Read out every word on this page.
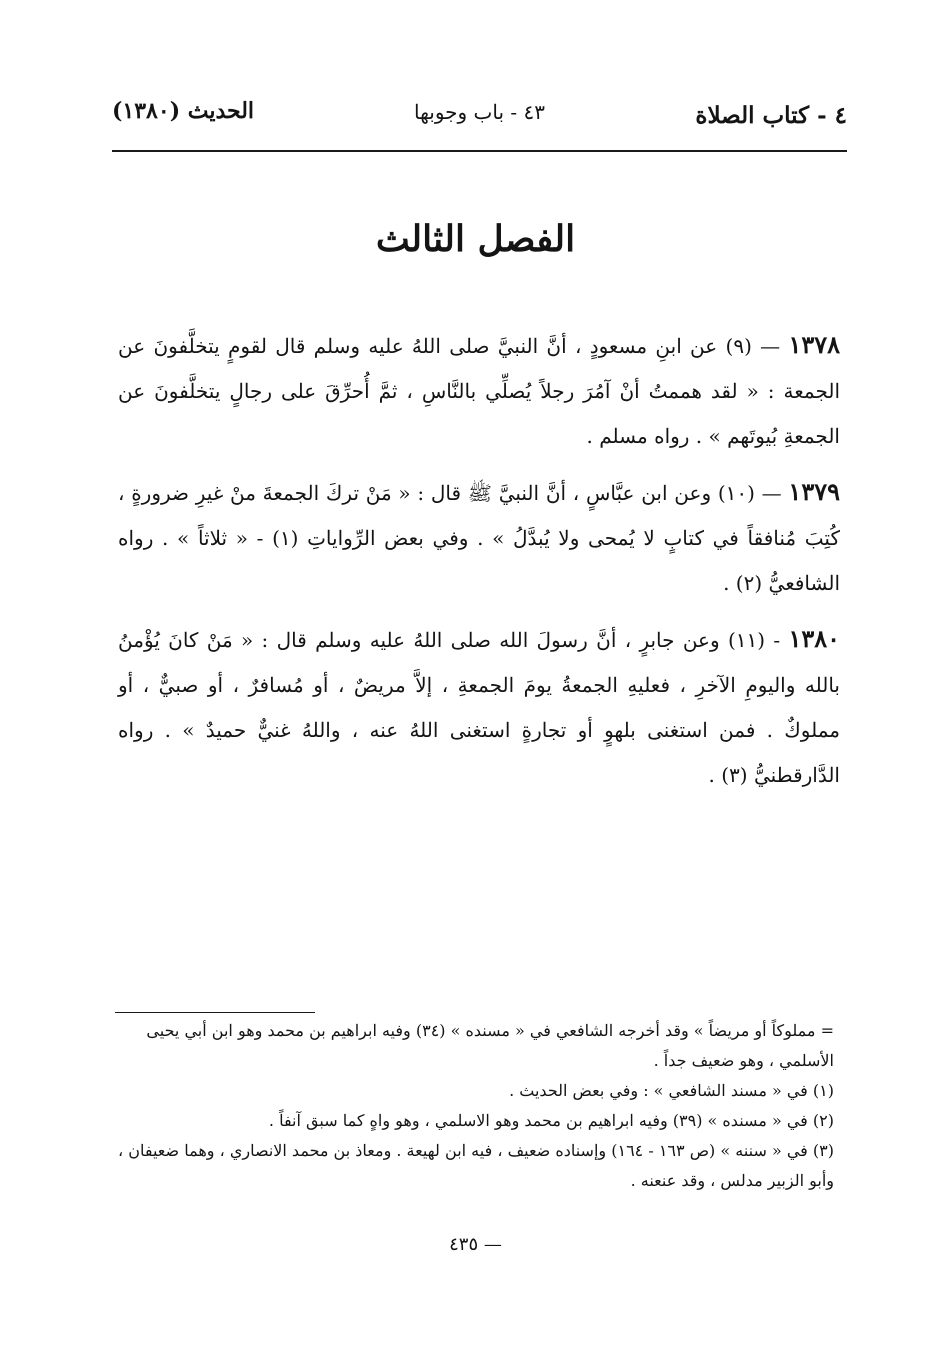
٤ - كتاب الصلاة
٤٣ - باب وجوبها
الحديث (١٣٨٠)
الفصل الثالث

١٣٧٨ — (٩) عن ابنِ مسعودٍ ، أنَّ النبيَّ صلى اللهُ عليه وسلم قال لقومٍ يتخلَّفونَ عن الجمعة : « لقد هممتُ أنْ آمُرَ رجلاً يُصلِّي بالنَّاسِ ، ثمَّ أُحرِّقَ على رجالٍ يتخلَّفونَ عن الجمعةِ بُيوتَهم » . رواه مسلم .

١٣٧٩ — (١٠) وعن ابن عبَّاسٍ ، أنَّ النبيَّ ﷺ قال : « مَنْ تركَ الجمعةَ منْ غيرِ ضرورةٍ ، كُتِبَ مُنافقاً في كتابٍ لا يُمحى ولا يُبدَّلُ » . وفي بعض الرِّواياتِ (١) - « ثلاثاً » . رواه الشافعيُّ (٢) .

١٣٨٠ - (١١) وعن جابرٍ ، أنَّ رسولَ الله صلى اللهُ عليه وسلم قال : « مَنْ كانَ يُؤْمنُ بالله واليومِ الآخرِ ، فعليهِ الجمعةُ يومَ الجمعةِ ، إلاَّ مريضٌ ، أو مُسافرٌ ، أو صبيٌّ ، أو مملوكٌ . فمن استغنى بلهوٍ أو تجارةٍ استغنى اللهُ عنه ، واللهُ غنيٌّ حميدٌ » . رواه الدَّارقطنيُّ (٣) .

= مملوكاً أو مريضاً » وقد أخرجه الشافعي في « مسنده » (٣٤) وفيه ابراهيم بن محمد وهو ابن أبي يحيى الأسلمي ، وهو ضعيف جداً .
(١) في « مسند الشافعي » : وفي بعض الحديث .
(٢) في « مسنده » (٣٩) وفيه ابراهيم بن محمد وهو الاسلمي ، وهو واهٍ كما سبق آنفاً .
(٣) في « سننه » (ص ١٦٣ - ١٦٤) وإسناده ضعيف ، فيه ابن لهيعة . ومعاذ بن محمد الانصاري ، وهما ضعيفان ، وأبو الزبير مدلس ، وقد عنعنه .
— ٤٣٥
